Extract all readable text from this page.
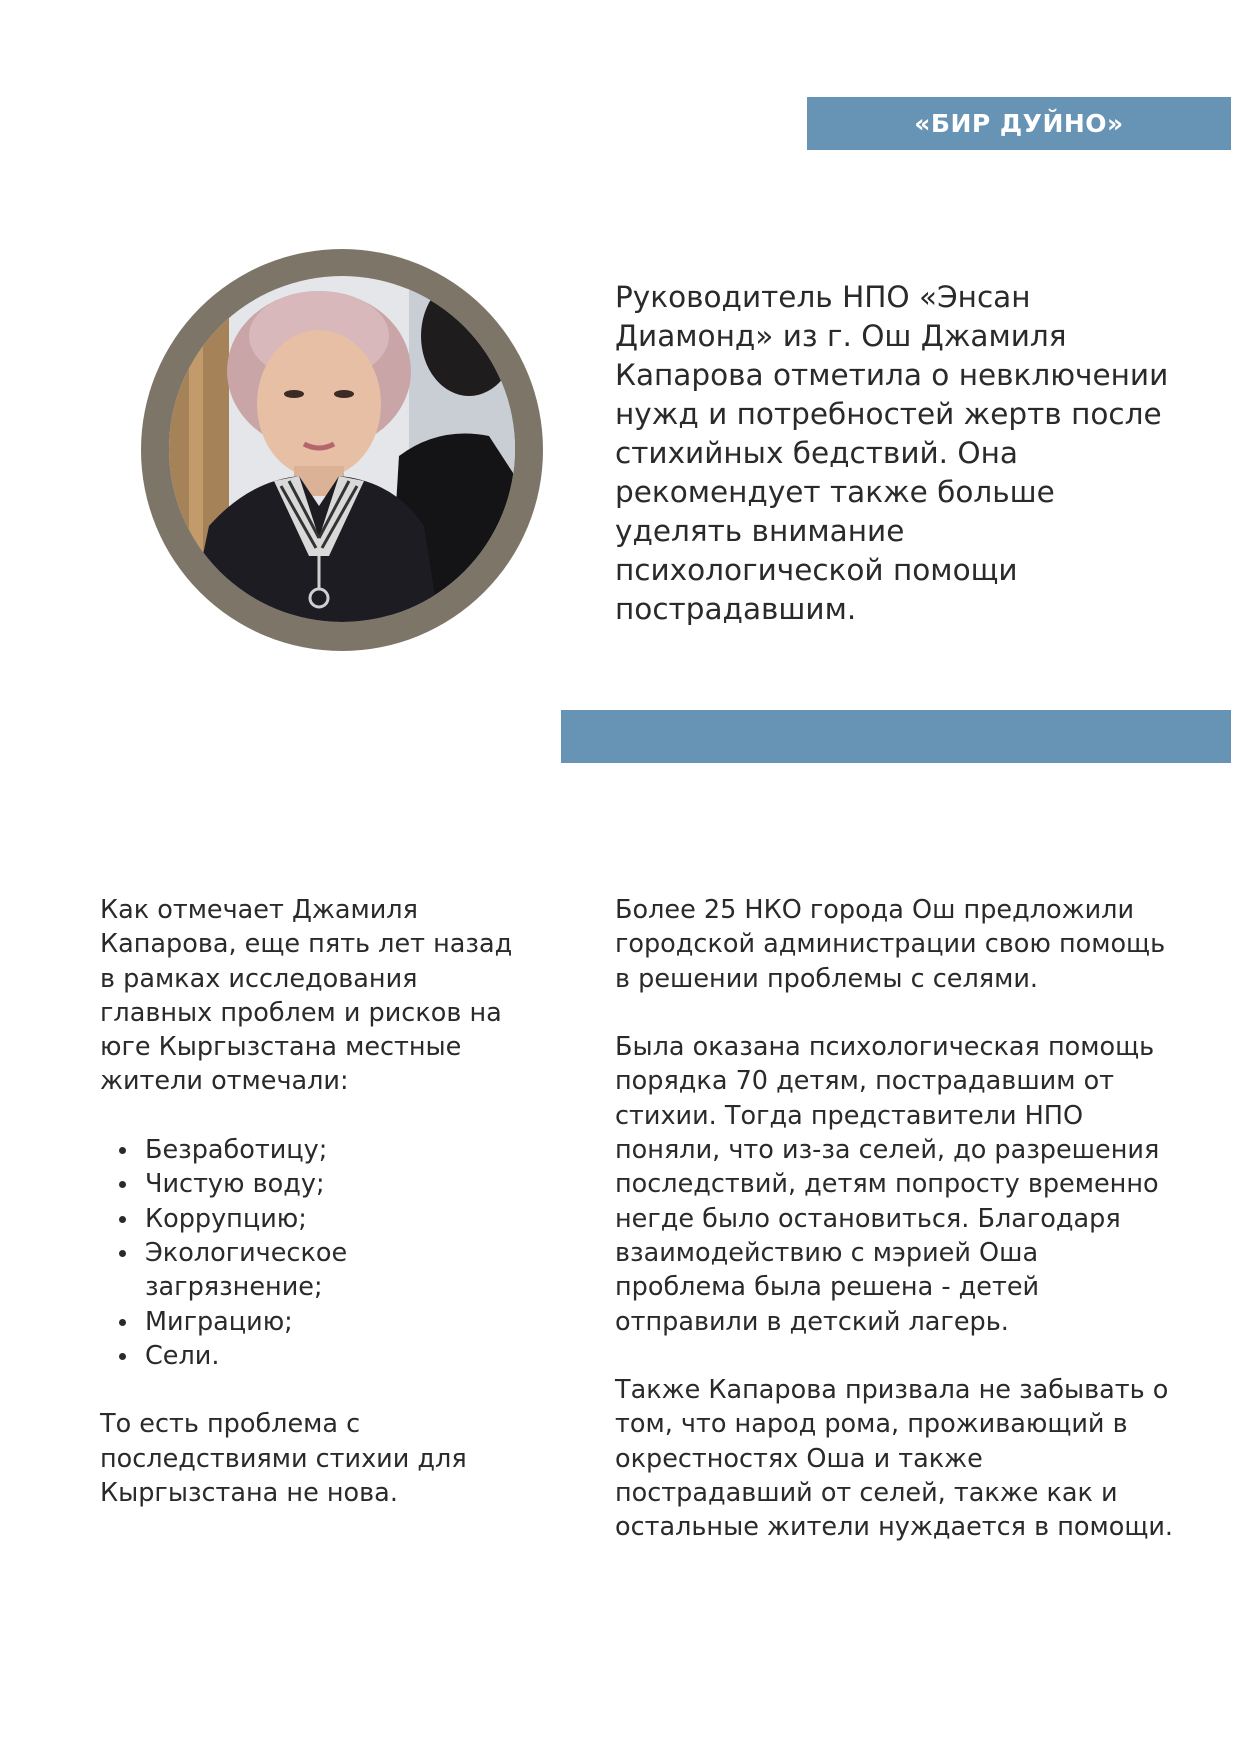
«БИР ДУЙНО»

Руководитель НПО «Энсан Диамонд» из г. Ош Джамиля Капарова отметила о невключении нужд и потребностей жертв после стихийных бедствий. Она рекомендует также больше уделять внимание психологической помощи пострадавшим.

Как отмечает Джамиля Капарова, еще пять лет назад в рамках исследования главных проблем и рисков на юге Кыргызстана местные жители отмечали:

Безработицу;
Чистую воду;
Коррупцию;
Экологическое загрязнение;
Миграцию;
Сели.

То есть проблема с последствиями стихии для Кыргызстана не нова.

Более 25 НКО города Ош предложили городской администрации свою помощь в решении проблемы с селями.

Была оказана психологическая помощь порядка 70 детям, пострадавшим от стихии. Тогда представители НПО поняли, что из-за селей, до разрешения последствий, детям попросту временно негде было остановиться. Благодаря взаимодействию с мэрией Оша проблема была решена - детей отправили в детский лагерь.

Также Капарова призвала не забывать о том, что народ рома, проживающий в окрестностях Оша и также пострадавший от селей, также как и остальные жители нуждается в помощи.
